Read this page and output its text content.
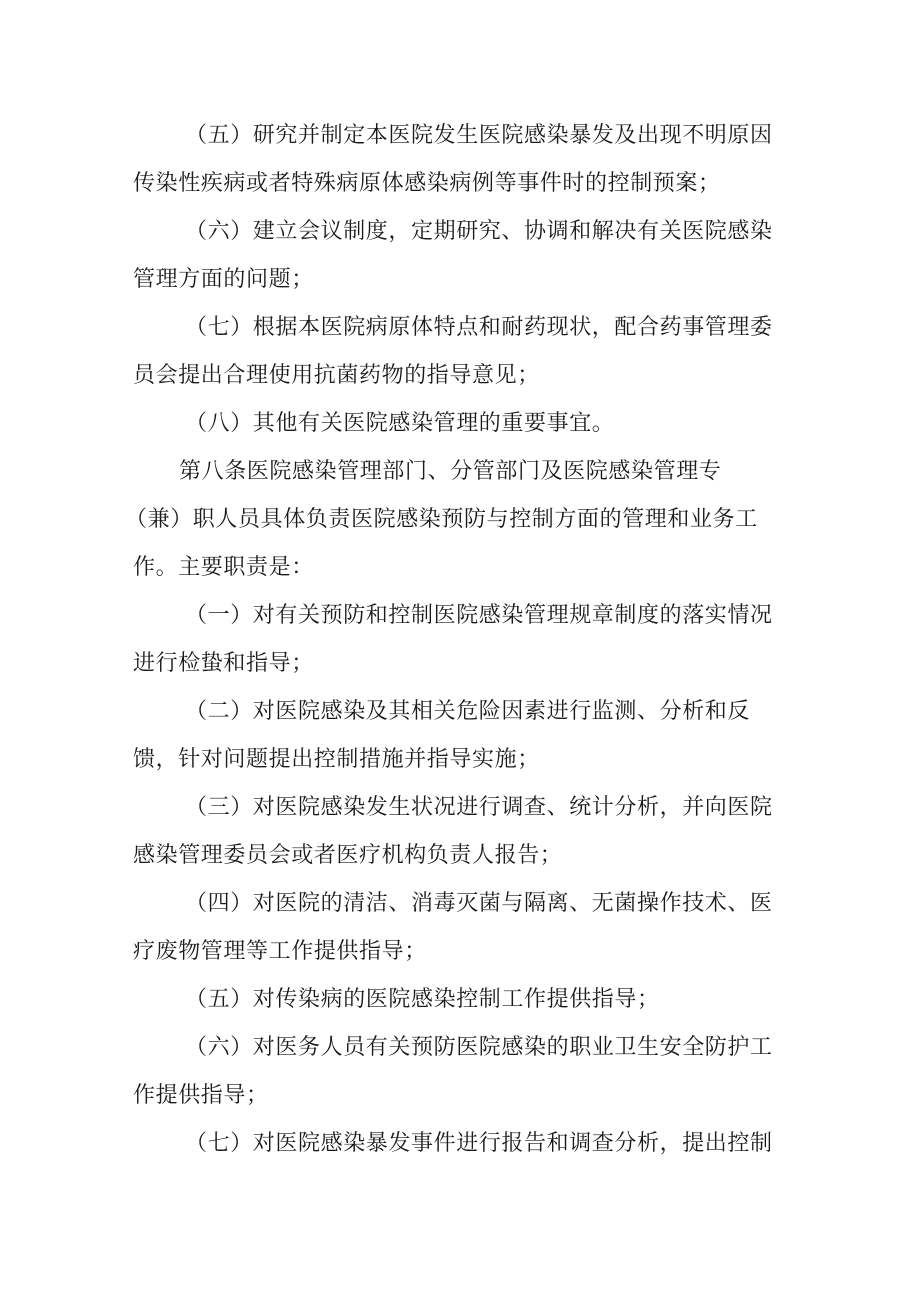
（五）研究并制定本医院发生医院感染暴发及出现不明原因
传染性疾病或者特殊病原体感染病例等事件时的控制预案；
（六）建立会议制度，定期研究、协调和解决有关医院感染
管理方面的问题；
（七）根据本医院病原体特点和耐药现状，配合药事管理委
员会提出合理使用抗菌药物的指导意见；
（八）其他有关医院感染管理的重要事宜。
第八条医院感染管理部门、分管部门及医院感染管理专
（兼）职人员具体负责医院感染预防与控制方面的管理和业务工
作。主要职责是：
（一）对有关预防和控制医院感染管理规章制度的落实情况
进行检蛰和指导；
（二）对医院感染及其相关危险因素进行监测、分析和反
馈，针对问题提出控制措施并指导实施；
（三）对医院感染发生状况进行调查、统计分析，并向医院
感染管理委员会或者医疗机构负责人报告；
（四）对医院的清洁、消毒灭菌与隔离、无菌操作技术、医
疗废物管理等工作提供指导；
（五）对传染病的医院感染控制工作提供指导；
（六）对医务人员有关预防医院感染的职业卫生安全防护工
作提供指导；
（七）对医院感染暴发事件进行报告和调查分析，提出控制
